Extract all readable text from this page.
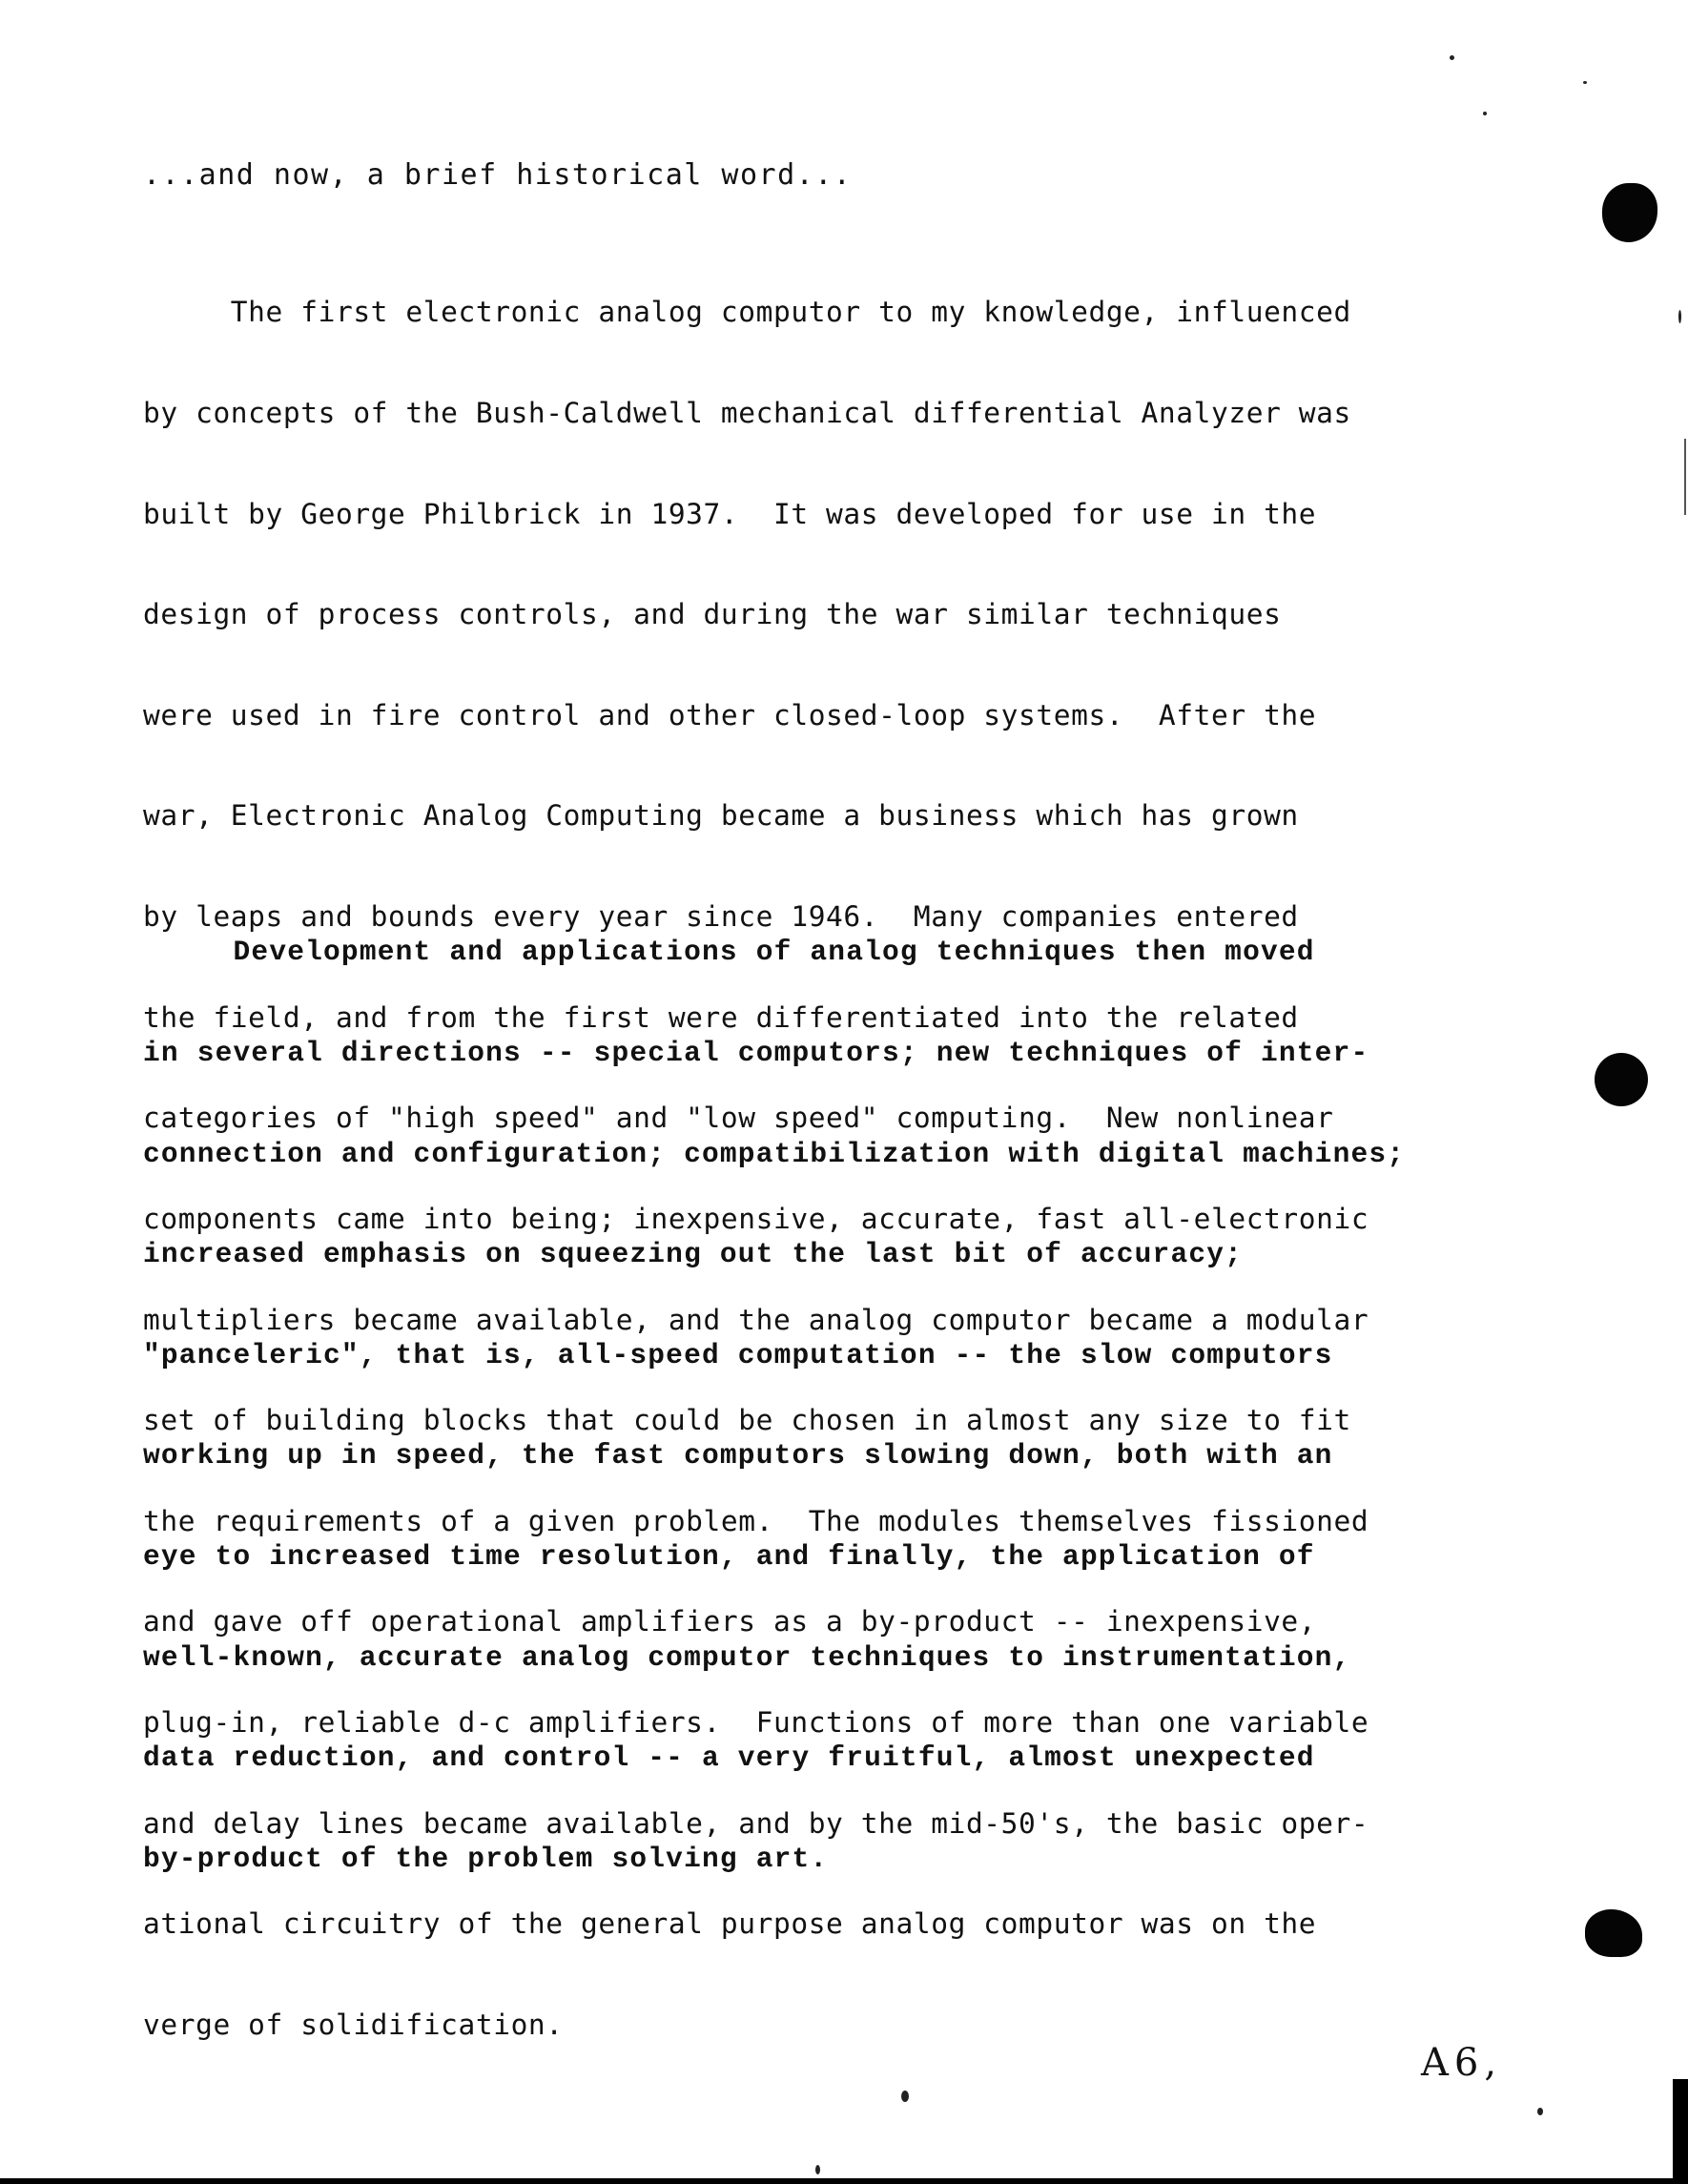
...and now, a brief historical word...

The first electronic analog computor to my knowledge, influenced

by concepts of the Bush-Caldwell mechanical differential Analyzer was

built by George Philbrick in 1937.  It was developed for use in the

design of process controls, and during the war similar techniques

were used in fire control and other closed-loop systems.  After the

war, Electronic Analog Computing became a business which has grown

by leaps and bounds every year since 1946.  Many companies entered

the field, and from the first were differentiated into the related

categories of "high speed" and "low speed" computing.  New nonlinear

components came into being; inexpensive, accurate, fast all-electronic

multipliers became available, and the analog computor became a modular

set of building blocks that could be chosen in almost any size to fit

the requirements of a given problem.  The modules themselves fissioned

and gave off operational amplifiers as a by-product -- inexpensive,

plug-in, reliable d-c amplifiers.  Functions of more than one variable

and delay lines became available, and by the mid-50's, the basic oper-

ational circuitry of the general purpose analog computor was on the

verge of solidification.

Development and applications of analog techniques then moved

in several directions -- special computors; new techniques of inter-

connection and configuration; compatibilization with digital machines;

increased emphasis on squeezing out the last bit of accuracy;

"panceleric", that is, all-speed computation -- the slow computors

working up in speed, the fast computors slowing down, both with an

eye to increased time resolution, and finally, the application of

well-known, accurate analog computor techniques to instrumentation,

data reduction, and control -- a very fruitful, almost unexpected

by-product of the problem solving art.

A6,
